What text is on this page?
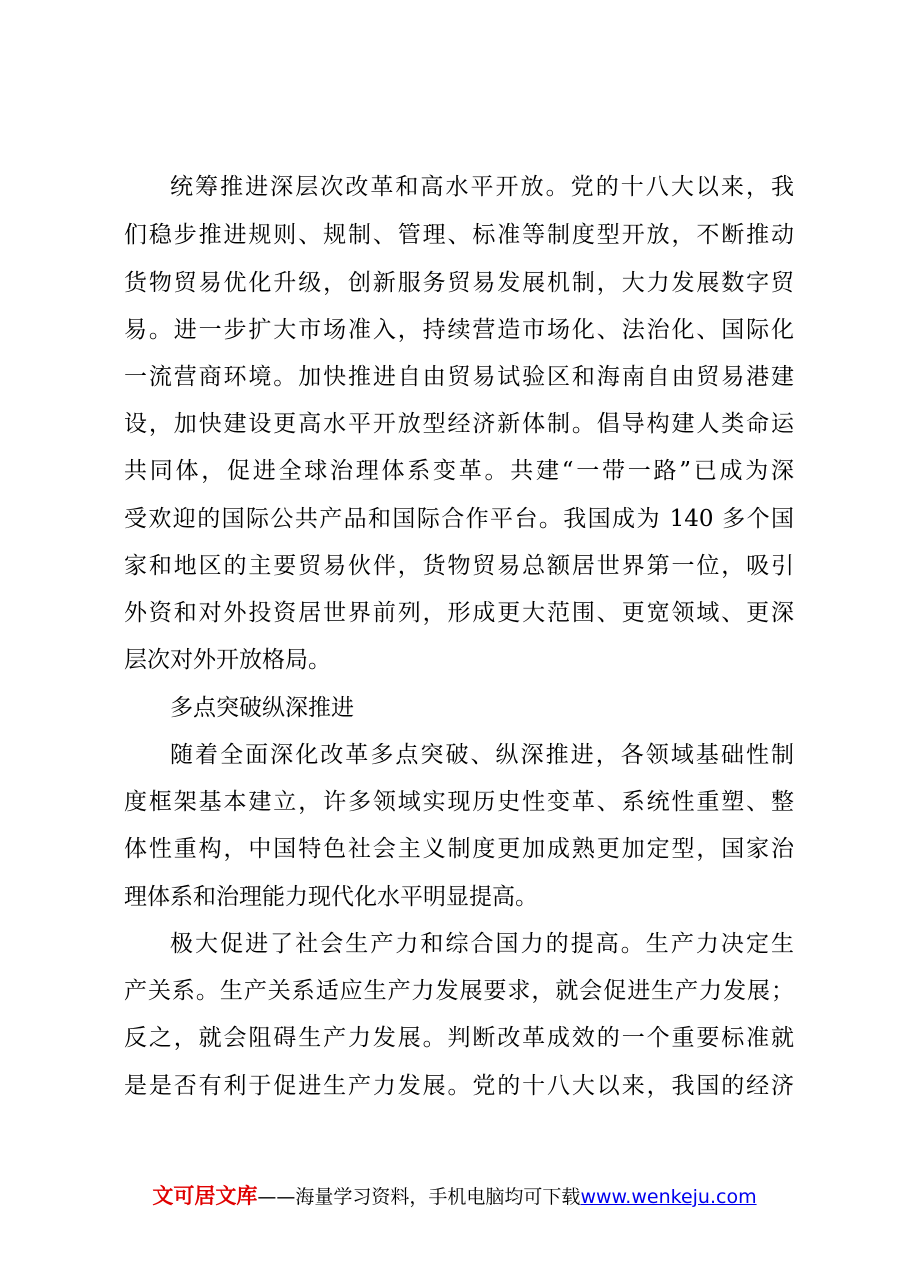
统筹推进深层次改革和高水平开放。党的十八大以来，我
们稳步推进规则、规制、管理、标准等制度型开放，不断推动
货物贸易优化升级，创新服务贸易发展机制，大力发展数字贸
易。进一步扩大市场准入，持续营造市场化、法治化、国际化
一流营商环境。加快推进自由贸易试验区和海南自由贸易港建
设，加快建设更高水平开放型经济新体制。倡导构建人类命运
共同体，促进全球治理体系变革。共建“一带一路”已成为深
受欢迎的国际公共产品和国际合作平台。我国成为 140 多个国
家和地区的主要贸易伙伴，货物贸易总额居世界第一位，吸引
外资和对外投资居世界前列，形成更大范围、更宽领域、更深
层次对外开放格局。
多点突破纵深推进
随着全面深化改革多点突破、纵深推进，各领域基础性制
度框架基本建立，许多领域实现历史性变革、系统性重塑、整
体性重构，中国特色社会主义制度更加成熟更加定型，国家治
理体系和治理能力现代化水平明显提高。
极大促进了社会生产力和综合国力的提高。生产力决定生
产关系。生产关系适应生产力发展要求，就会促进生产力发展；
反之，就会阻碍生产力发展。判断改革成效的一个重要标准就
是是否有利于促进生产力发展。党的十八大以来，我国的经济
文可居文库——海量学习资料，手机电脑均可下载www.wenkeju.com
